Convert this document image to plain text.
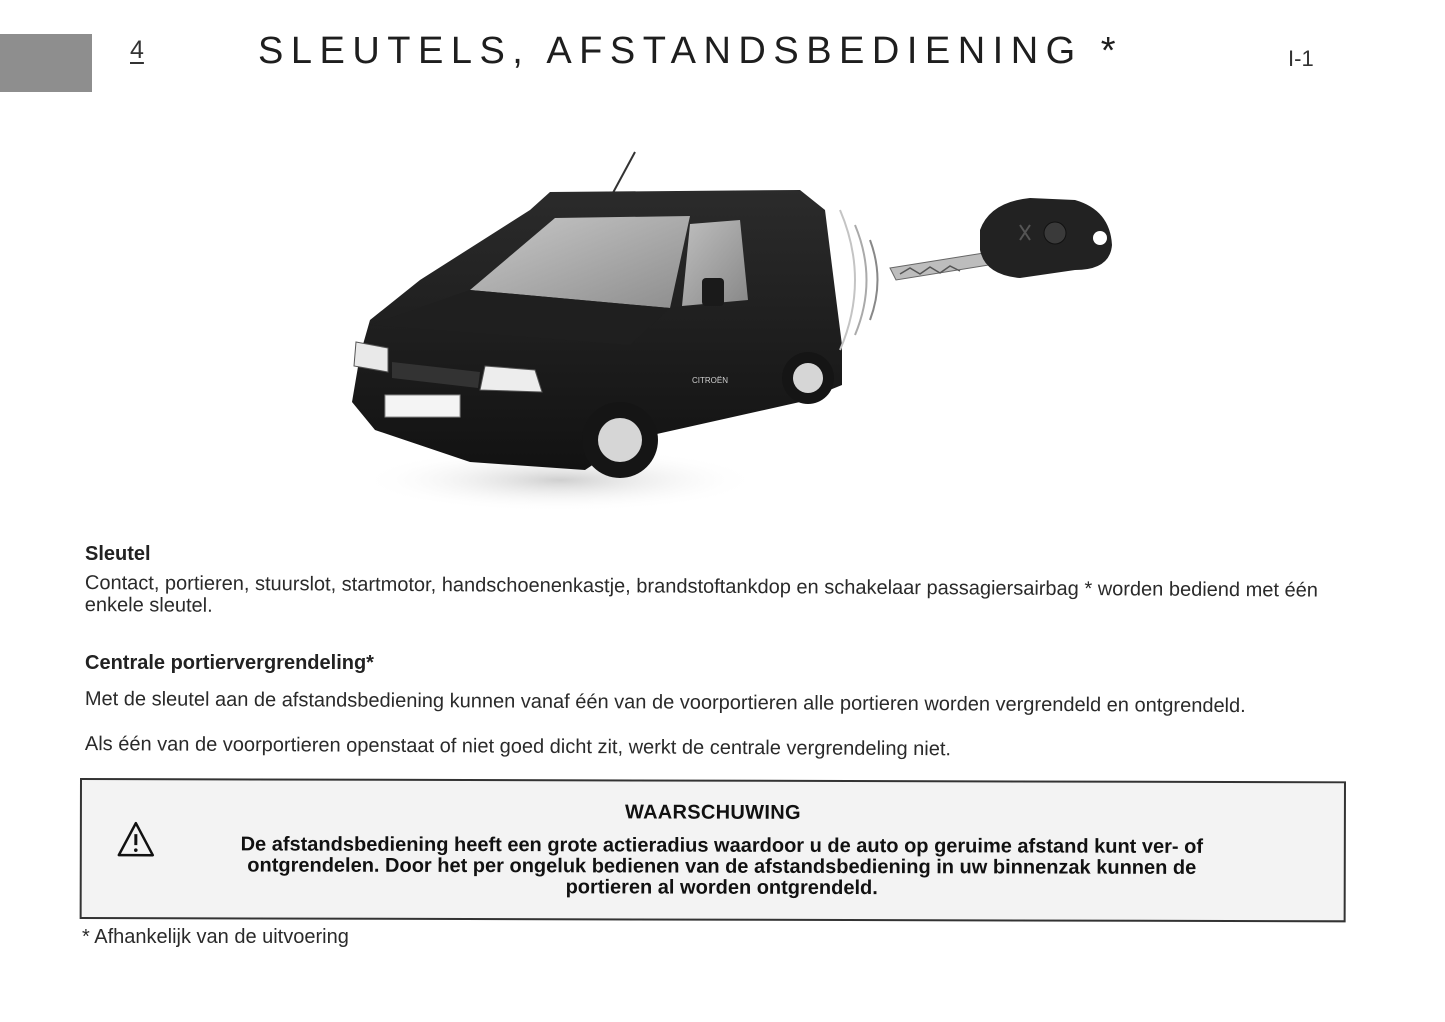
4	SLEUTELS, AFSTANDSBEDIENING *	I-1
CITROËN
Sleutel
Contact, portieren, stuurslot, startmotor, handschoenenkastje, brandstoftankdop en schakelaar passagiersairbag * worden bediend met één enkele sleutel.
Centrale portiervergrendeling*
Met de sleutel aan de afstandsbediening kunnen vanaf één van de voorportieren alle portieren worden vergrendeld en ontgrendeld.
Als één van de voorportieren openstaat of niet goed dicht zit, werkt de centrale vergrendeling niet.
WAARSCHUWING
De afstandsbediening heeft een grote actieradius waardoor u de auto op geruime afstand kunt ver- of ontgrendelen. Door het per ongeluk bedienen van de afstandsbediening in uw binnenzak kunnen de portieren al worden ontgrendeld.
* Afhankelijk van de uitvoering
